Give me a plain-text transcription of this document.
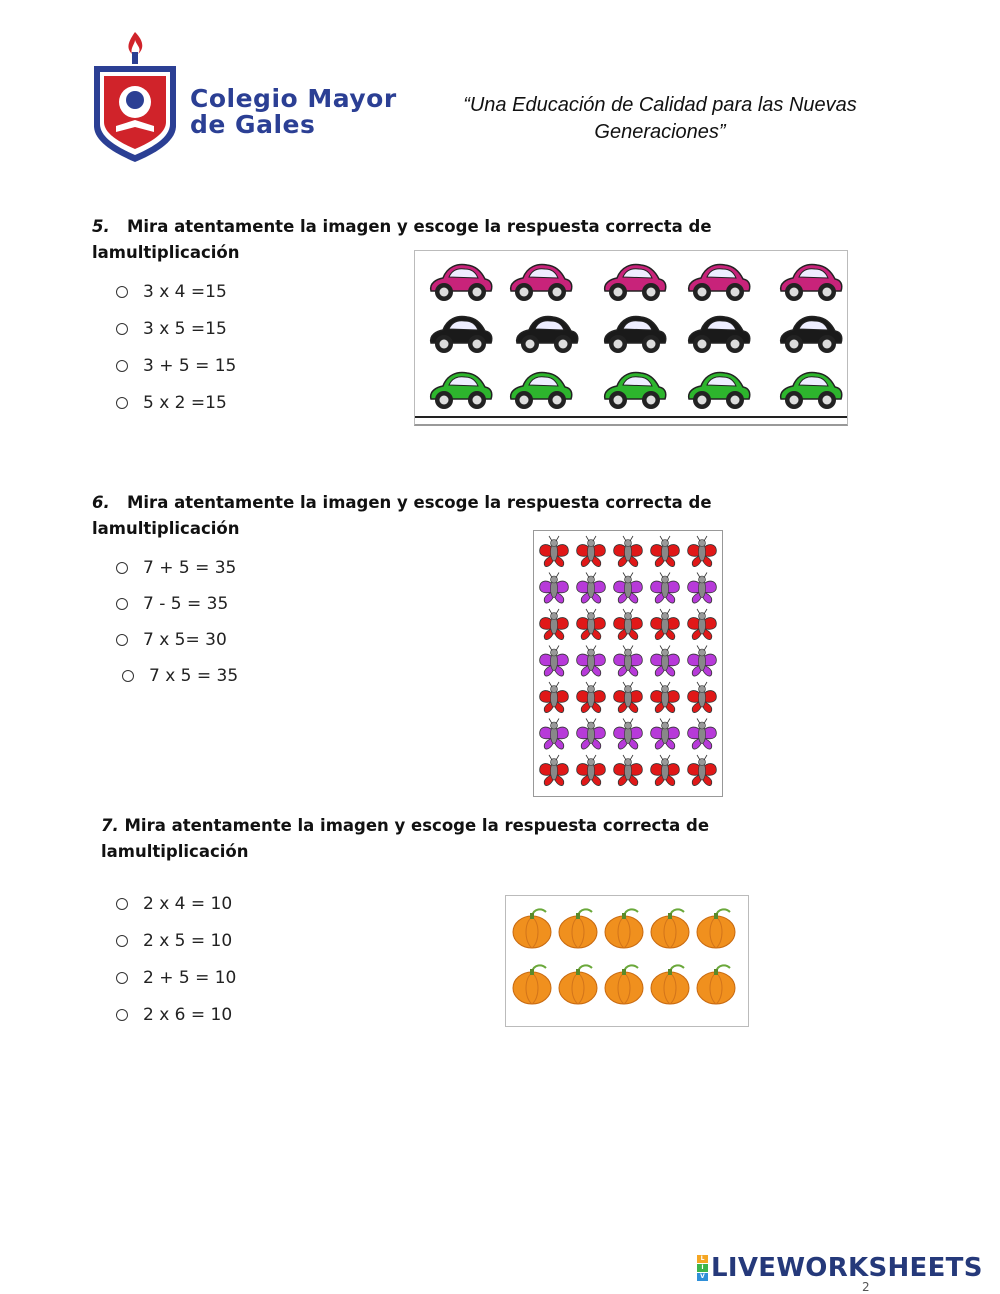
Colegio Mayor
de Gales
“Una Educación de Calidad para las Nuevas
Generaciones”
5. Mira atentamente la imagen y escoge la respuesta correcta de
lamultiplicación
3 x 4 =15
3 x 5 =15
3 + 5 = 15
5 x 2 =15
6. Mira atentamente la imagen y escoge la respuesta correcta de
lamultiplicación
7 + 5 = 35
7 - 5 = 35
7 x 5= 30
7 x 5 = 35
7. Mira atentamente la imagen y escoge la respuesta correcta de
lamultiplicación
2 x 4 = 10
2 x 5 = 10
2 + 5 = 10
2 x 6 = 10
L
I
V LIVEWORKSHEETS
2
